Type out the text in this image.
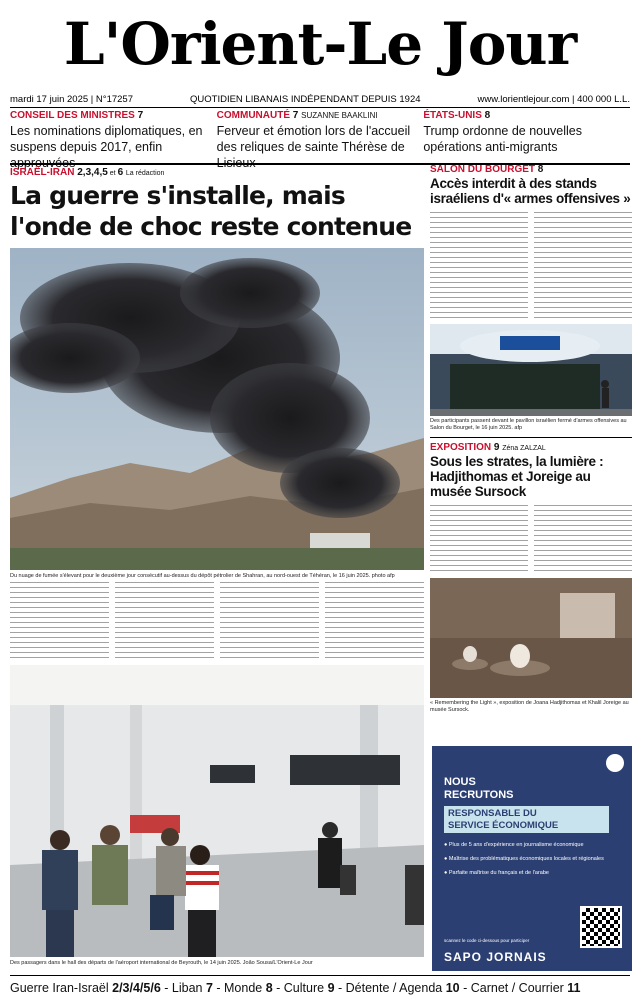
L'Orient-Le Jour
mardi 17 juin 2025 | N°17257	QUOTIDIEN LIBANAIS INDÉPENDANT DEPUIS 1924	www.lorientlejour.com | 400 000 L.L.
CONSEIL DES MINISTRES 7
Les nominations diplomatiques, en suspens depuis 2017, enfin
COMMUNAUTÉ 7 SUZANNE BAAKLINI
Ferveur et émotion lors de l'accueil des reliques de sainte Thérèse de
ÉTATS-UNIS 8
Trump ordonne de nouvelles opérations anti-migrants
ISRAËL-IRAN 2,3,4,5 et 6 La rédaction
La guerre s'installe, mais
l'onde de choc reste contenue
Du nuage de fumée s'élevant pour le deuxième jour consécutif au-dessus du dépôt pétrolier de Shahran, au nord-ouest de Téhéran, le 16 juin 2025. photo afp
Des passagers dans le hall des départs de l'aéroport international de Beyrouth, le 14 juin 2025. João Sousa/L'Orient-Le Jour
SALON DU BOURGET 8
Accès interdit à des stands israéliens d'« armes offensives »
Des participants passent devant le pavillon israélien fermé d'armes offensives au Salon du Bourget, le 16 juin 2025. afp
EXPOSITION 9 Zéna ZALZAL
Sous les strates, la lumière : Hadjithomas et Joreige au musée Sursock
« Remembering the Light », exposition de Joana Hadjithomas et Khalil Joreige au musée Sursock.
NOUS
RECRUTONS
RESPONSABLE DU
SERVICE ÉCONOMIQUE
● Plus de 5 ans d'expérience en journalisme économique
● Maîtrise des problématiques économiques locales et régionales
● Parfaite maîtrise du français et de l'arabe
scannez le code ci-dessous pour participer
SAPO JORNAIS
Guerre Iran-Israël 2/3/4/5/6 - Liban 7 - Monde 8 - Culture 9 - Détente / Agenda 10 - Carnet / Courrier 11
